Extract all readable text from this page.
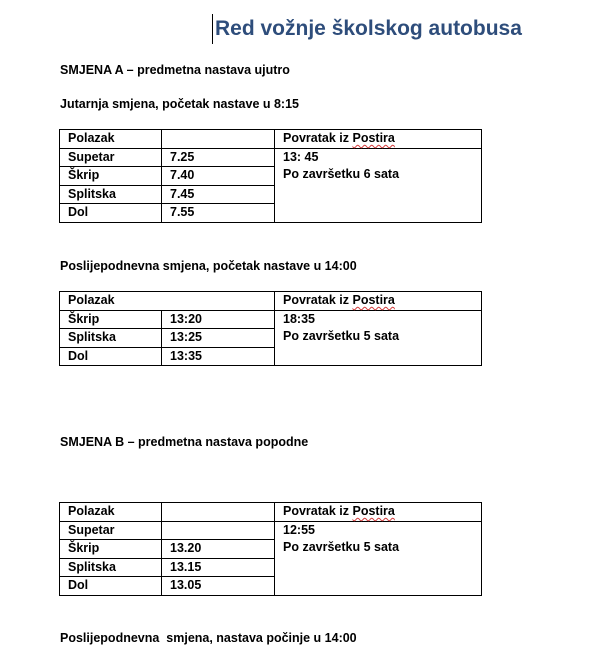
Red vožnje školskog autobusa
SMJENA A – predmetna nastava ujutro
Jutarnja smjena, početak nastave u 8:15
Polazak		Povratak iz Postira
Supetar	7.25	13: 45
Po završetku 6 sata

Škrip	7.40	
Splitska	7.45	
Dol	7.55	
Poslijepodnevna smjena, početak nastave u 14:00
Polazak		Povratak iz Postira
Škrip	13:20	18:35
Po završetku 5 sata

Splitska	13:25	
Dol	13:35	
SMJENA B – predmetna nastava popodne
Polazak		Povratak iz Postira
Supetar		12:55
Po završetku 5 sata

Škrip	13.20	
Splitska	13.15	
Dol	13.05	
Poslijepodnevna  smjena, nastava počinje u 14:00
